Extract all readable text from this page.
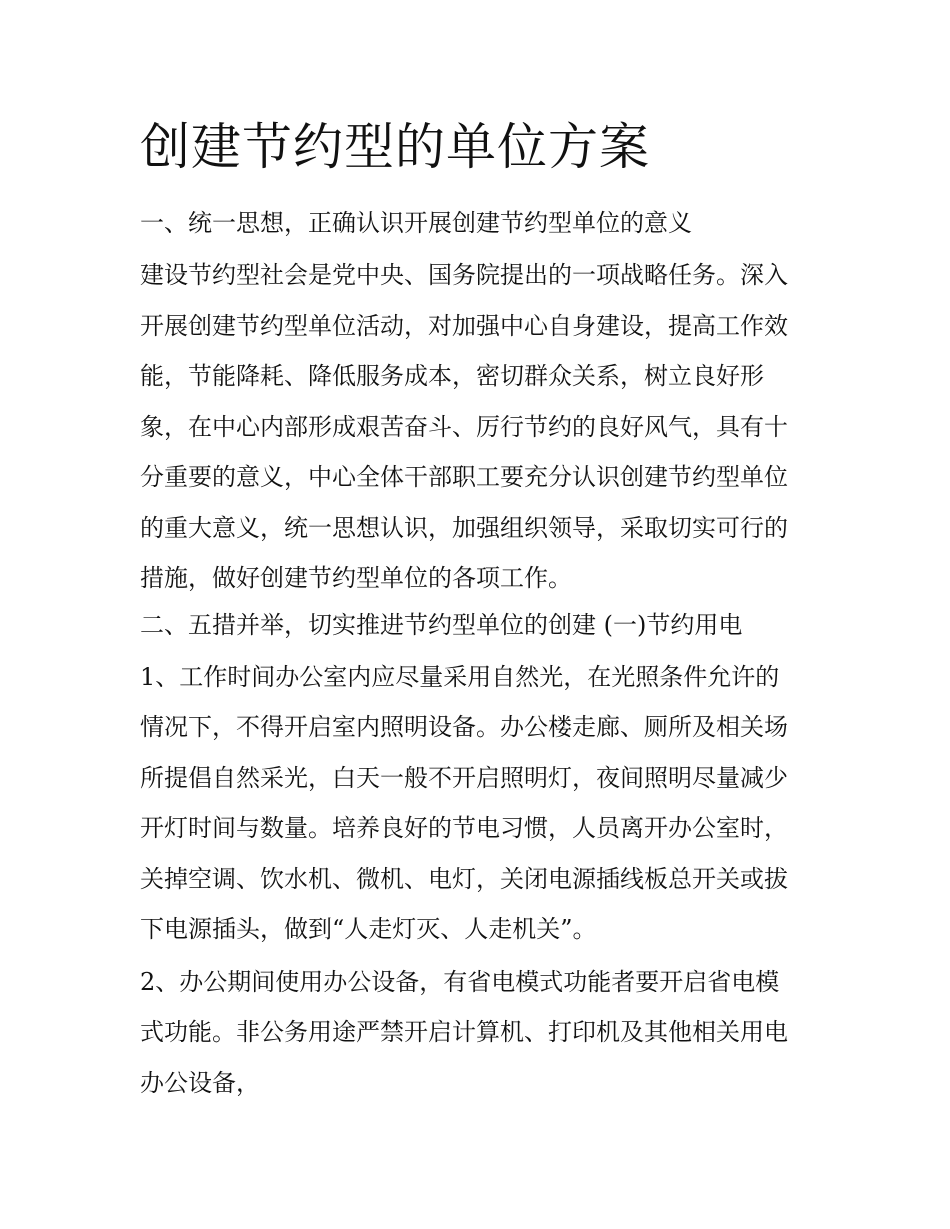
创建节约型的单位方案
一、统一思想，正确认识开展创建节约型单位的意义
建设节约型社会是党中央、国务院提出的一项战略任务。深入
开展创建节约型单位活动，对加强中心自身建设，提高工作效
能，节能降耗、降低服务成本，密切群众关系，树立良好形
象，在中心内部形成艰苦奋斗、厉行节约的良好风气，具有十
分重要的意义，中心全体干部职工要充分认识创建节约型单位
的重大意义，统一思想认识，加强组织领导，采取切实可行的
措施，做好创建节约型单位的各项工作。
二、五措并举，切实推进节约型单位的创建 (一)节约用电
1、工作时间办公室内应尽量采用自然光，在光照条件允许的
情况下，不得开启室内照明设备。办公楼走廊、厕所及相关场
所提倡自然采光，白天一般不开启照明灯，夜间照明尽量减少
开灯时间与数量。培养良好的节电习惯，人员离开办公室时，
关掉空调、饮水机、微机、电灯，关闭电源插线板总开关或拔
下电源插头，做到“人走灯灭、人走机关”。
2、办公期间使用办公设备，有省电模式功能者要开启省电模
式功能。非公务用途严禁开启计算机、打印机及其他相关用电
办公设备，
